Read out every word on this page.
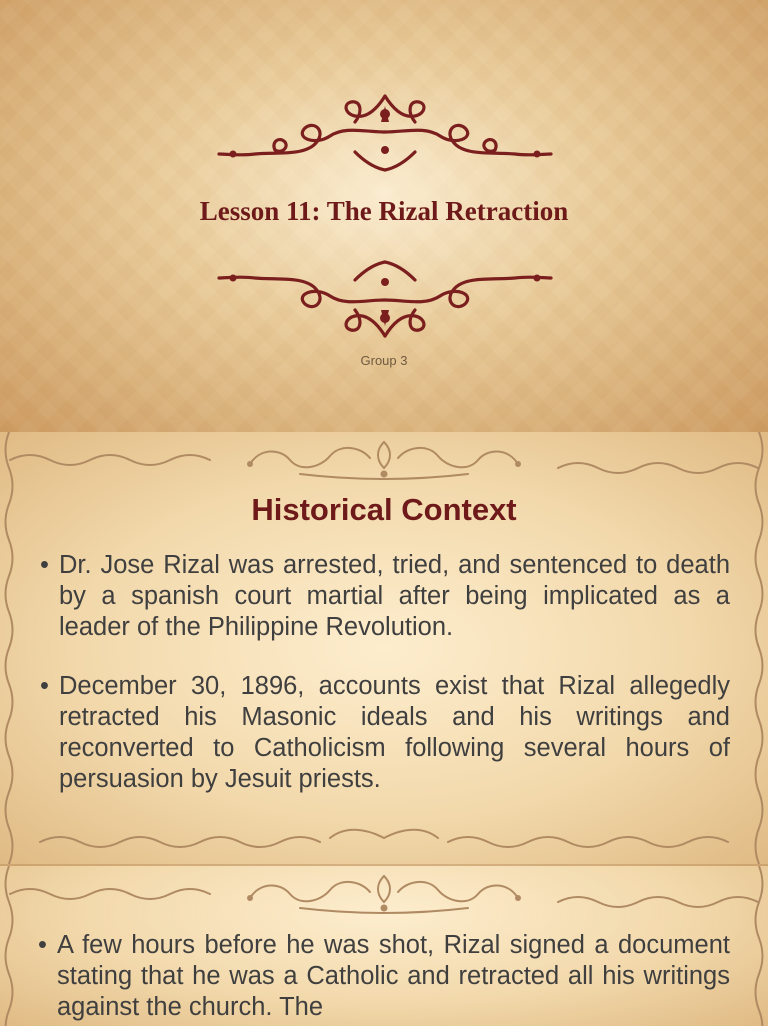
Lesson 11: The Rizal Retraction
Group 3
Historical Context
• Dr. Jose Rizal was arrested, tried, and sentenced to death by a spanish court martial after being implicated as a leader of the Philippine Revolution.
• December 30, 1896, accounts exist that Rizal allegedly retracted his Masonic ideals and his writings and reconverted to Catholicism following several hours of persuasion by Jesuit priests.
• A few hours before he was shot, Rizal signed a document stating that he was a Catholic and retracted all his writings against the church. The
